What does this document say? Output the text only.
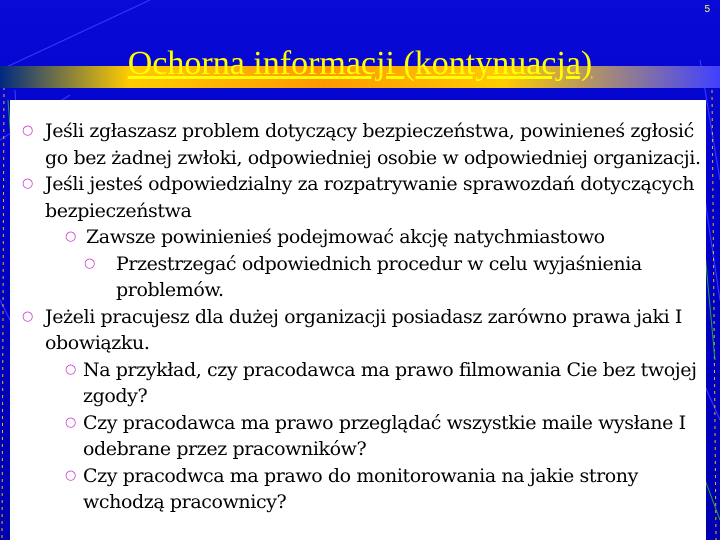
5
Ochorna informacji (kontynuacja)
○ Jeśli zgłaszasz problem dotyczący bezpieczeństwa, powinieneś zgłosić go bez żadnej zwłoki, odpowiedniej osobie w odpowiedniej organizacji.
○ Jeśli jesteś odpowiedzialny za rozpatrywanie sprawozdań dotyczących bezpieczeństwa
○ Zawsze powinienieś podejmować akcję natychmiastowo
○ Przestrzegać odpowiednich procedur w celu wyjaśnienia problemów.
○ Jeżeli pracujesz dla dużej organizacji posiadasz zarówno prawa jaki I obowiązku.
○ Na przykład, czy pracodawca ma prawo filmowania Cie bez twojej zgody?
○ Czy pracodawca ma prawo przeglądać wszystkie maile wysłane I odebrane przez pracowników?
○ Czy pracodwca ma prawo do monitorowania na jakie strony wchodzą pracownicy?
